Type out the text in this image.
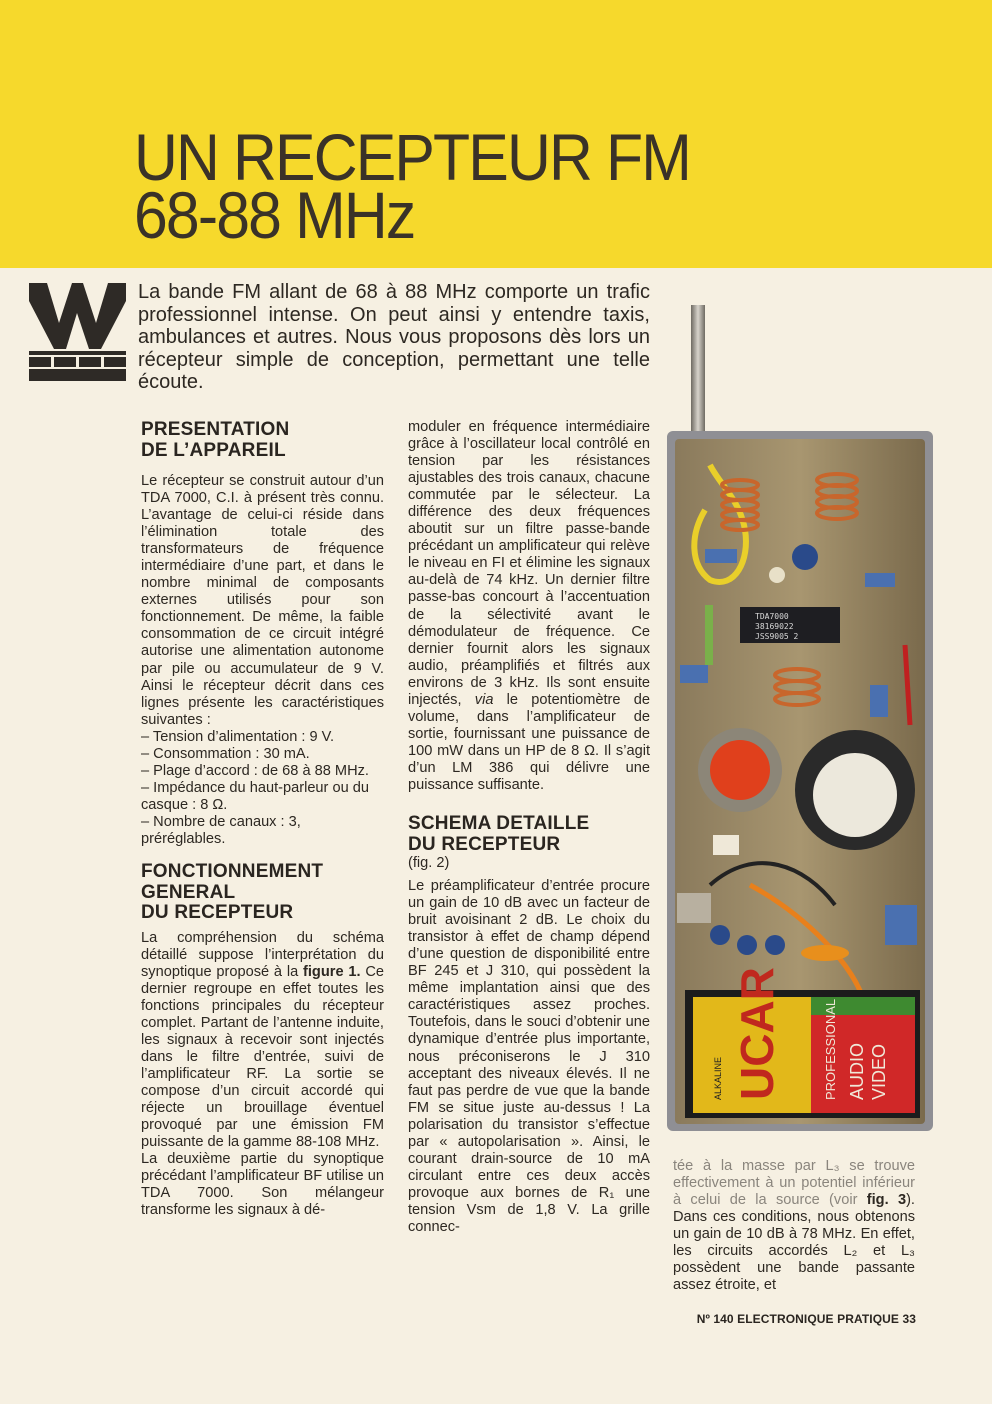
UN RECEPTEUR FM
68-88 MHz

La bande FM allant de 68 à 88 MHz comporte un trafic professionnel intense. On peut ainsi y entendre taxis, ambulances et autres. Nous vous proposons dès lors un récepteur simple de conception, permettant une telle écoute.

PRESENTATION
DE L’APPAREIL

Le récepteur se construit autour d’un TDA 7000, C.I. à présent très connu. L’avantage de celui-ci réside dans l’élimination totale des transformateurs de fréquence intermédiaire d’une part, et dans le nombre minimal de composants externes utilisés pour son fonctionnement. De même, la faible consommation de ce circuit intégré autorise une alimentation autonome par pile ou accumulateur de 9 V. Ainsi le récepteur décrit dans ces lignes présente les caractéristiques suivantes :

– Tension d’alimentation : 9 V.

– Consommation : 30 mA.

– Plage d’accord : de 68 à 88 MHz.

– Impédance du haut-parleur ou du casque : 8 Ω.

– Nombre de canaux : 3, préréglables.

FONCTIONNEMENT
GENERAL
DU RECEPTEUR

La compréhension du schéma détaillé suppose l’interprétation du synoptique proposé à la figure 1. Ce dernier regroupe en effet toutes les fonctions principales du récepteur complet. Partant de l’antenne induite, les signaux à recevoir sont injectés dans le filtre d’entrée, suivi de l’amplificateur RF. La sortie se compose d’un circuit accordé qui réjecte un brouillage éventuel provoqué par une émission FM puissante de la gamme 88-108 MHz.

La deuxième partie du synoptique précédant l’amplificateur BF utilise un TDA 7000. Son mélangeur transforme les signaux à dé-

moduler en fréquence intermédiaire grâce à l’oscillateur local contrôlé en tension par les résistances ajustables des trois canaux, chacune commutée par le sélecteur. La différence des deux fréquences aboutit sur un filtre passe-bande précédant un amplificateur qui relève le niveau en FI et élimine les signaux au-delà de 74 kHz. Un dernier filtre passe-bas concourt à l’accentuation de la sélectivité avant le démodulateur de fréquence. Ce dernier fournit alors les signaux audio, préamplifiés et filtrés aux environs de 3 kHz. Ils sont ensuite injectés, via le potentiomètre de volume, dans l’amplificateur de sortie, fournissant une puissance de 100 mW dans un HP de 8 Ω. Il s’agit d’un LM 386 qui délivre une puissance suffisante.

SCHEMA DETAILLE
DU RECEPTEUR
(fig. 2)

Le préamplificateur d’entrée procure un gain de 10 dB avec un facteur de bruit avoisinant 2 dB. Le choix du transistor à effet de champ dépend d’une question de disponibilité entre BF 245 et J 310, qui possèdent la même implantation ainsi que des caractéristiques assez proches. Toutefois, dans le souci d’obtenir une dynamique d’entrée plus importante, nous préconiserons le J 310 acceptant des niveaux élevés. Il ne faut pas perdre de vue que la bande FM se situe juste au-dessus ! La polarisation du transistor s’effectue par « autopolarisation ». Ainsi, le courant drain-source de 10 mA circulant entre ces deux accès provoque aux bornes de R₁ une tension Vsm de 1,8 V. La grille connec-

tée à la masse par L₃ se trouve effectivement à un potentiel inférieur à celui de la source (voir fig. 3). Dans ces conditions, nous obtenons un gain de 10 dB à 78 MHz. En effet, les circuits accordés L₂ et L₃ possèdent une bande passante assez étroite, et

TDA7000
38169022
JSS9005 2
UCAR
ALKALINE	PROFESSIONAL AUDIO VIDEO
Nº 140 ELECTRONIQUE PRATIQUE 33
